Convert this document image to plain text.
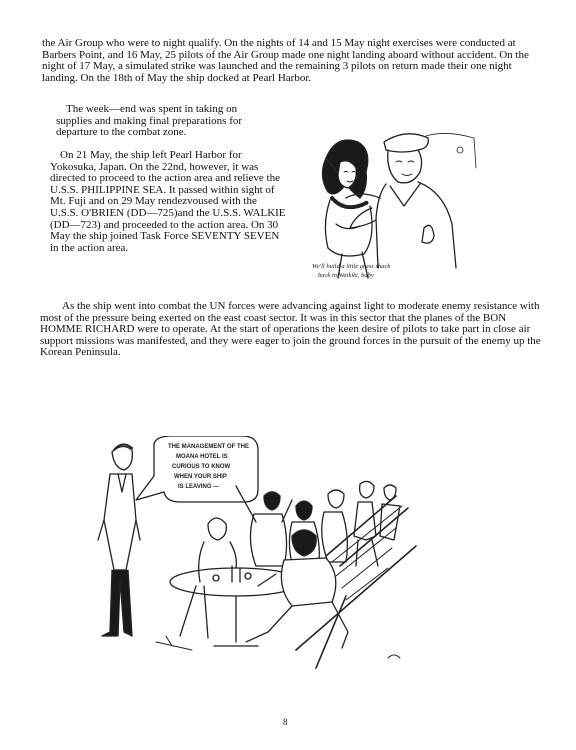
the Air Group who were to night qualify. On the nights of 14 and 15 May night exercises were conducted at Barbers Point, and 16 May, 25 pilots of the Air Group made one night landing aboard without accident. On the night of 17 May, a simulated strike was launched and the remaining 3 pilots on return made their one night landing. On the 18th of May the ship docked at Pearl Harbor.

The week—end was spent in taking on supplies and making final preparations for departure to the combat zone.

On 21 May, the ship left Pearl Harbor for Yokosuka, Japan. On the 22nd, however, it was directed to proceed to the action area and relieve the U.S.S. PHILIPPINE SEA. It passed within sight of Mt. Fuji and on 29 May rendezvoused with the U.S.S. O'BRIEN (DD—725)and the U.S.S. WALKIE (DD—723) and proceeded to the action area. On 30 May the ship joined Task Force SEVENTY SEVEN in the action area.

We'll build a little grass shack
back in Waikiki, baby

As the ship went into combat the UN forces were advancing against light to moderate enemy resistance with most of the pressure being exerted on the east coast sector. It was in this sector that the planes of the BON HOMME RICHARD were to operate. At the start of operations the keen desire of pilots to take part in close air support missions was manifested, and they were eager to join the ground forces in the pursuit of the enemy up the Korean Peninsula.

THE MANAGEMENT OF THE MOANA HOTEL IS CURIOUS TO KNOW WHEN YOUR SHIP IS LEAVING —
8
